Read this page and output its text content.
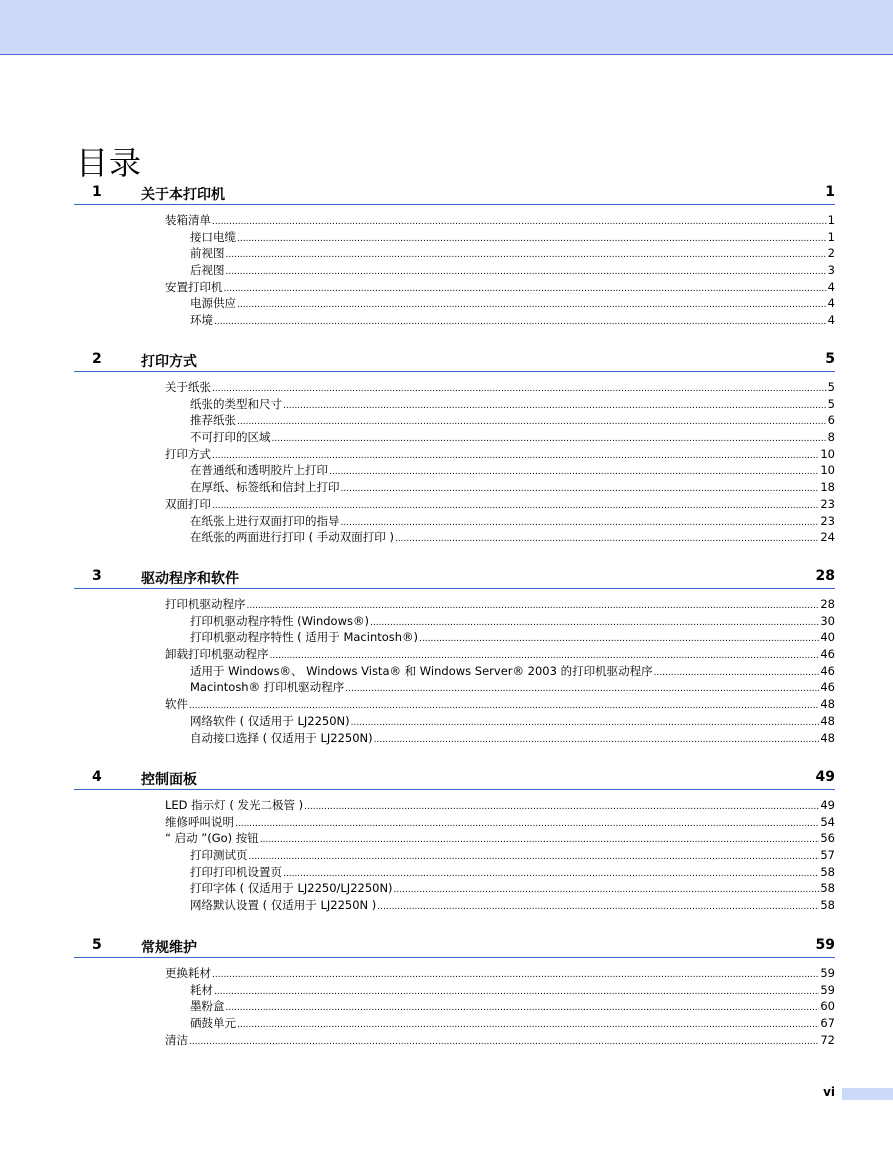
目录
1	关于本打印机	1
装箱清单 .....	1
接口电缆 .....	1
前视图 .....	2
后视图 .....	3
安置打印机 .....	4
电源供应 .....	4
环境 .....	4
2	打印方式	5
关于纸张 .....	5
纸张的类型和尺寸 .....	5
推荐纸张 .....	6
不可打印的区域 .....	8
打印方式 .....	10
在普通纸和透明胶片上打印 .....	10
在厚纸、标签纸和信封上打印 .....	18
双面打印 .....	23
在纸张上进行双面打印的指导 .....	23
在纸张的两面进行打印 ( 手动双面打印 ) .....	24
3	驱动程序和软件	28
打印机驱动程序 .....	28
打印机驱动程序特性 (Windows®) .....	30
打印机驱动程序特性 ( 适用于 Macintosh®) .....	40
卸载打印机驱动程序 .....	46
适用于 Windows®、 Windows Vista® 和 Windows Server® 2003 的打印机驱动程序 .....	46
Macintosh® 打印机驱动程序 .....	46
软件 .....	48
网络软件 ( 仅适用于 LJ2250N) .....	48
自动接口选择 ( 仅适用于 LJ2250N) .....	48
4	控制面板	49
LED 指示灯 ( 发光二极管 ) .....	49
维修呼叫说明 .....	54
“ 启动 ”(Go) 按钮 .....	56
打印测试页 .....	57
打印打印机设置页 .....	58
打印字体 ( 仅适用于 LJ2250/LJ2250N) .....	58
网络默认设置 ( 仅适用于 LJ2250N ) .....	58
5	常规维护	59
更换耗材 .....	59
耗材 .....	59
墨粉盒 .....	60
硒鼓单元 .....	67
清洁 .....	72
vi
